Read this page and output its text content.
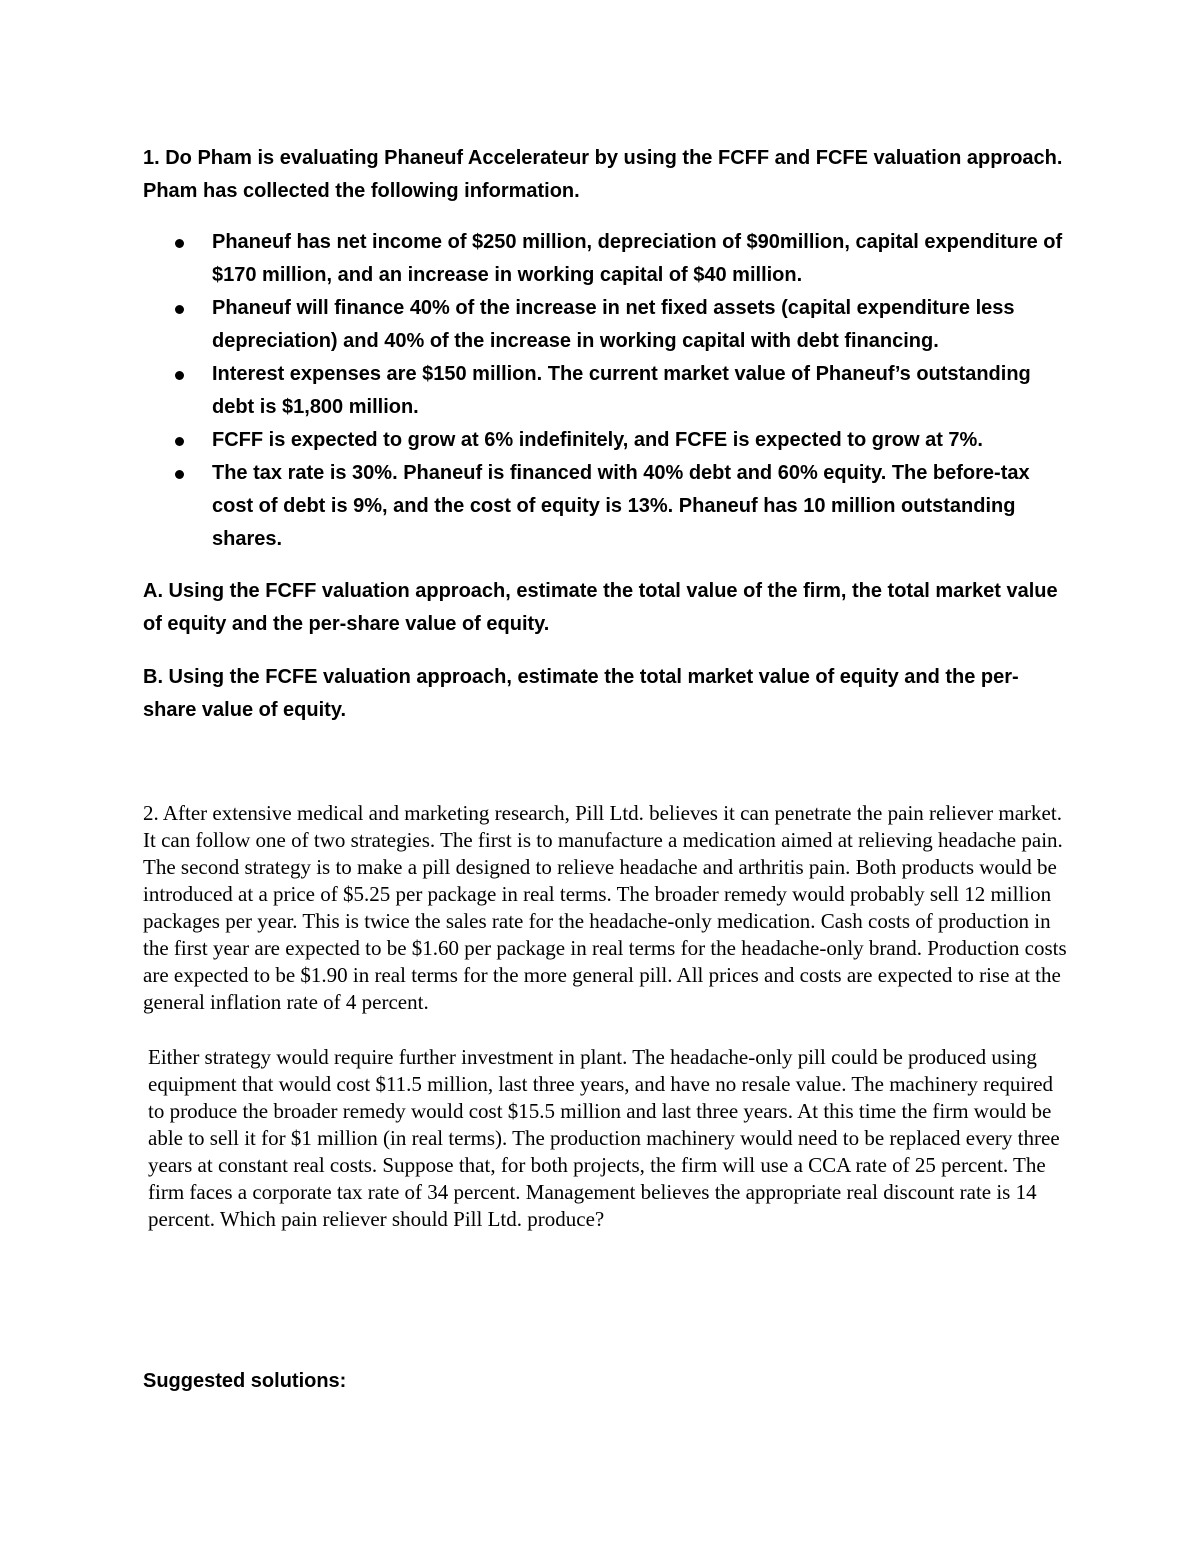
1. Do Pham is evaluating Phaneuf Accelerateur by using the FCFF and FCFE valuation approach. Pham has collected the following information.

Phaneuf has net income of $250 million, depreciation of $90million, capital expenditure of $170 million, and an increase in working capital of $40 million.
Phaneuf will finance 40% of the increase in net fixed assets (capital expenditure less depreciation) and 40% of the increase in working capital with debt financing.
Interest expenses are $150 million. The current market value of Phaneuf’s outstanding debt is $1,800 million.
FCFF is expected to grow at 6% indefinitely, and FCFE is expected to grow at 7%.
The tax rate is 30%. Phaneuf is financed with 40% debt and 60% equity. The before-tax cost of debt is 9%, and the cost of equity is 13%. Phaneuf has 10 million outstanding shares.

A. Using the FCFF valuation approach, estimate the total value of the firm, the total market value of equity and the per-share value of equity.

B. Using the FCFE valuation approach, estimate the total market value of equity and the per-share value of equity.

2. After extensive medical and marketing research, Pill Ltd. believes it can penetrate the pain reliever market. It can follow one of two strategies. The first is to manufacture a medication aimed at relieving headache pain. The second strategy is to make a pill designed to relieve headache and arthritis pain. Both products would be introduced at a price of $5.25 per package in real terms. The broader remedy would probably sell 12 million packages per year. This is twice the sales rate for the headache-only medication. Cash costs of production in the first year are expected to be $1.60 per package in real terms for the headache-only brand. Production costs are expected to be $1.90 in real terms for the more general pill. All prices and costs are expected to rise at the general inflation rate of 4 percent.

Either strategy would require further investment in plant. The headache-only pill could be produced using equipment that would cost $11.5 million, last three years, and have no resale value. The machinery required to produce the broader remedy would cost $15.5 million and last three years. At this time the firm would be able to sell it for $1 million (in real terms). The production machinery would need to be replaced every three years at constant real costs. Suppose that, for both projects, the firm will use a CCA rate of 25 percent. The firm faces a corporate tax rate of 34 percent. Management believes the appropriate real discount rate is 14 percent. Which pain reliever should Pill Ltd. produce?

Suggested solutions:
